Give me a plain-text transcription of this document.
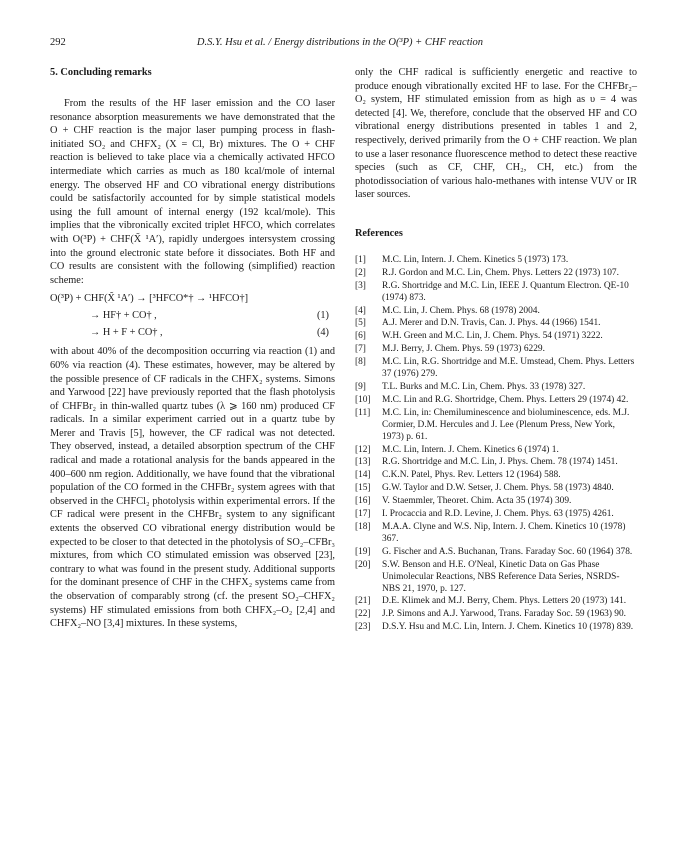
292	D.S.Y. Hsu et al. / Energy distributions in the O(³P) + CHF reaction
5. Concluding remarks

From the results of the HF laser emission and the CO laser resonance absorption measurements we have demonstrated that the O + CHF reaction is the major laser pumping process in flash-initiated SO₂ and CHFX₂ (X = Cl, Br) mixtures. The O + CHF reaction is believed to take place via a chemically activated HFCO intermediate which carries as much as 180 kcal/mole of internal energy. The observed HF and CO vibrational energy distributions could be satisfactorily accounted for by simple statistical models using the full amount of internal energy (192 kcal/mole). This implies that the vibronically excited triplet HFCO, which correlates with O(³P) + CHF(X̃ ¹A′), rapidly undergoes intersystem crossing into the ground electronic state before it dissociates. Both HF and CO results are consistent with the following (simplified) reaction scheme:

O(³P) + CHF(X̃ ¹A′) → [³HFCO*† → ¹HFCO†]
→ HF† + CO† ,	(1)
→ H + F + CO† ,	(4)

with about 40% of the decomposition occurring via reaction (1) and 60% via reaction (4). These estimates, however, may be altered by the possible presence of CF radicals in the CHFX₂ systems. Simons and Yarwood [22] have previously reported that the flash photolysis of CHFBr₂ in thin-walled quartz tubes (λ ⩾ 160 nm) produced CF radicals. In a similar experiment carried out in a quartz tube by Merer and Travis [5], however, the CF radical was not detected. They observed, instead, a detailed absorption spectrum of the CHF radical and made a rotational analysis for the bands appeared in the 400–600 nm region. Additionally, we have found that the vibrational population of the CO formed in the CHFBr₂ system agrees with that observed in the CHFCl₂ photolysis within experimental errors. If the CF radical were present in the CHFBr₂ system to any significant extents the observed CO vibrational energy distribution would be expected to be closer to that detected in the photolysis of SO₂–CFBr₃ mixtures, from which CO stimulated emission was observed [23], contrary to what was found in the present study. Additional supports for the dominant presence of CHF in the CHFX₂ systems came from the observation of comparably strong (cf. the present SO₂–CHFX₂ systems) HF stimulated emissions from both CHFX₂–O₂ [2,4] and CHFX₂–NO [3,4] mixtures. In these systems,

only the CHF radical is sufficiently energetic and reactive to produce enough vibrationally excited HF to lase. For the CHFBr₂–O₂ system, HF stimulated emission from as high as υ = 4 was detected [4]. We, therefore, conclude that the observed HF and CO vibrational energy distributions presented in tables 1 and 2, respectively, derived primarily from the O + CHF reaction. We plan to use a laser resonance fluorescence method to detect these reactive species (such as CF, CHF, CH₂, CH, etc.) from the photodissociation of various halo-methanes with intense VUV or IR laser sources.

References
[1] M.C. Lin, Intern. J. Chem. Kinetics 5 (1973) 173.
[2] R.J. Gordon and M.C. Lin, Chem. Phys. Letters 22 (1973) 107.
[3] R.G. Shortridge and M.C. Lin, IEEE J. Quantum Electron. QE-10 (1974) 873.
[4] M.C. Lin, J. Chem. Phys. 68 (1978) 2004.
[5] A.J. Merer and D.N. Travis, Can. J. Phys. 44 (1966) 1541.
[6] W.H. Green and M.C. Lin, J. Chem. Phys. 54 (1971) 3222.
[7] M.J. Berry, J. Chem. Phys. 59 (1973) 6229.
[8] M.C. Lin, R.G. Shortridge and M.E. Umstead, Chem. Phys. Letters 37 (1976) 279.
[9] T.L. Burks and M.C. Lin, Chem. Phys. 33 (1978) 327.
[10] M.C. Lin and R.G. Shortridge, Chem. Phys. Letters 29 (1974) 42.
[11] M.C. Lin, in: Chemiluminescence and bioluminescence, eds. M.J. Cormier, D.M. Hercules and J. Lee (Plenum Press, New York, 1973) p. 61.
[12] M.C. Lin, Intern. J. Chem. Kinetics 6 (1974) 1.
[13] R.G. Shortridge and M.C. Lin, J. Phys. Chem. 78 (1974) 1451.
[14] C.K.N. Patel, Phys. Rev. Letters 12 (1964) 588.
[15] G.W. Taylor and D.W. Setser, J. Chem. Phys. 58 (1973) 4840.
[16] V. Staemmler, Theoret. Chim. Acta 35 (1974) 309.
[17] I. Procaccia and R.D. Levine, J. Chem. Phys. 63 (1975) 4261.
[18] M.A.A. Clyne and W.S. Nip, Intern. J. Chem. Kinetics 10 (1978) 367.
[19] G. Fischer and A.S. Buchanan, Trans. Faraday Soc. 60 (1964) 378.
[20] S.W. Benson and H.E. O'Neal, Kinetic Data on Gas Phase Unimolecular Reactions, NBS Reference Data Series, NSRDS-NBS 21, 1970, p. 127.
[21] D.E. Klimek and M.J. Berry, Chem. Phys. Letters 20 (1973) 141.
[22] J.P. Simons and A.J. Yarwood, Trans. Faraday Soc. 59 (1963) 90.
[23] D.S.Y. Hsu and M.C. Lin, Intern. J. Chem. Kinetics 10 (1978) 839.
